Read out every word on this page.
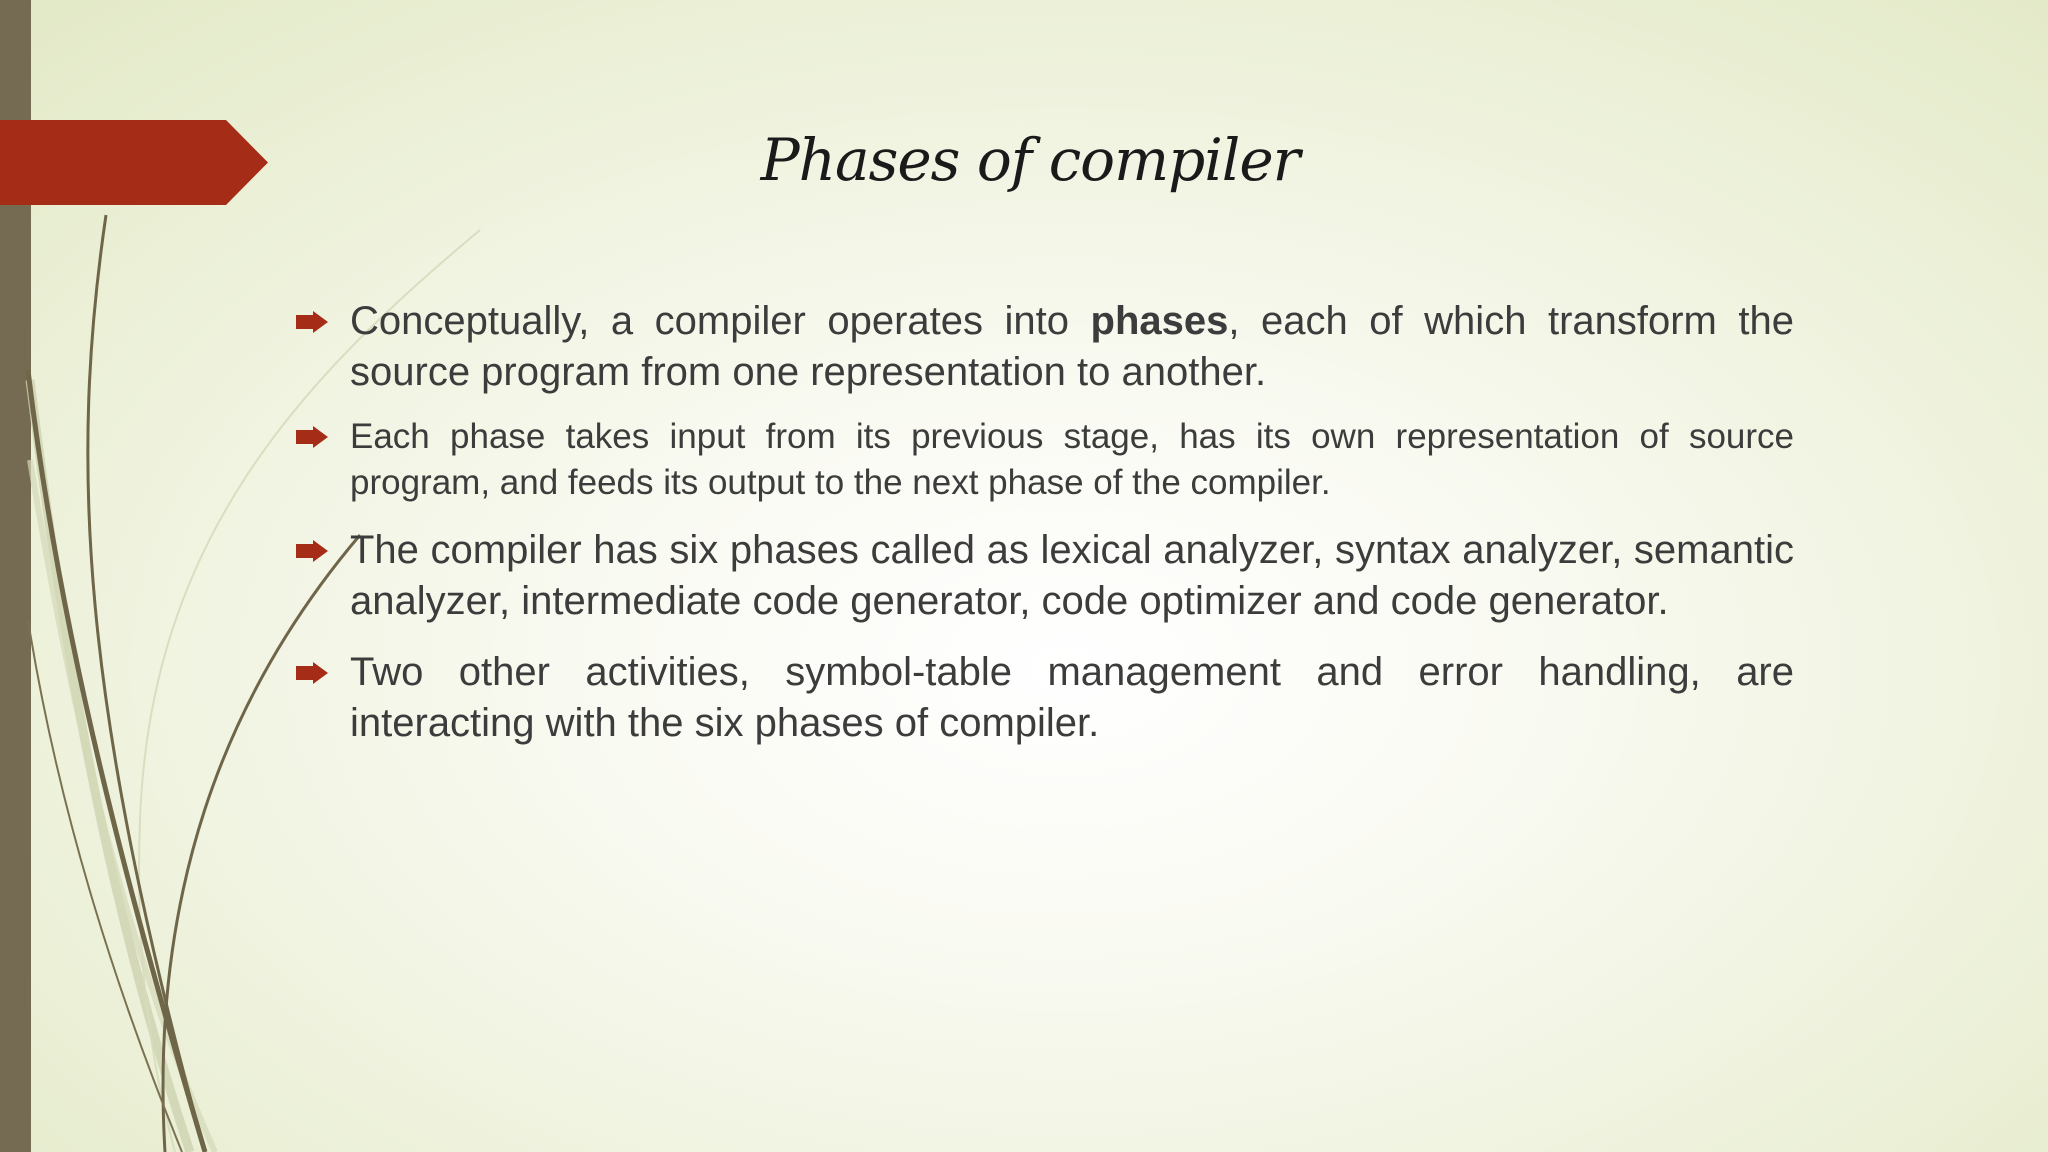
Phases of compiler
Conceptually, a compiler operates into phases, each of which transform the source program from one representation to another.
Each phase takes input from its previous stage, has its own representation of source program, and feeds its output to the next phase of the compiler.
The compiler has six phases called as lexical analyzer, syntax analyzer, semantic analyzer, intermediate code generator, code optimizer and code generator.
Two other activities, symbol-table management and error handling, are interacting with the six phases of compiler.
